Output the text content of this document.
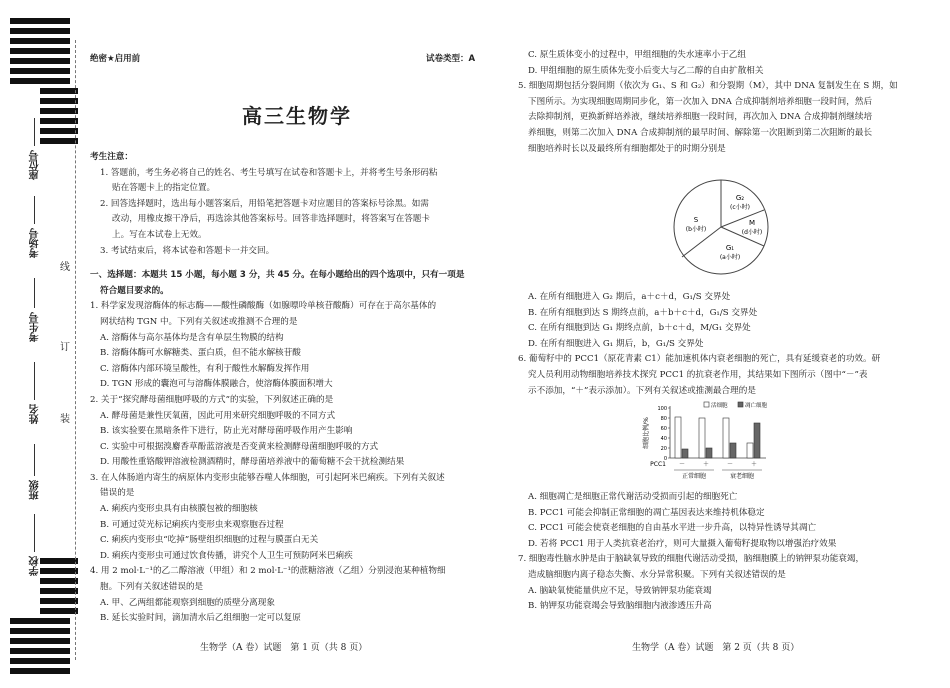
座位号
考场号
考生号
姓名
班级
学校
线
订
装
绝密★启用前	试卷类型：A
高三生物学

考生注意：

1. 答题前，考生务必将自己的姓名、考生号填写在试卷和答题卡上，并将考生号条形码粘

贴在答题卡上的指定位置。

2. 回答选择题时，选出每小题答案后，用铅笔把答题卡对应题目的答案标号涂黑。如需

改动，用橡皮擦干净后，再选涂其他答案标号。回答非选择题时，将答案写在答题卡

上。写在本试卷上无效。

3. 考试结束后，将本试卷和答题卡一并交回。

一、选择题：本题共 15 小题，每小题 3 分，共 45 分。在每小题给出的四个选项中，只有一项是

符合题目要求的。

1. 科学家发现溶酶体的标志酶——酸性磷酸酶（如腺嘌呤单核苷酸酶）可存在于高尔基体的

网状结构 TGN 中。下列有关叙述或推测不合理的是

A. 溶酶体与高尔基体均是含有单层生物膜的结构

B. 溶酶体酶可水解糖类、蛋白质，但不能水解核苷酸

C. 溶酶体内部环境呈酸性，有利于酸性水解酶发挥作用

D. TGN 形成的囊泡可与溶酶体膜融合，使溶酶体膜面积增大

2. 关于“探究酵母菌细胞呼吸的方式”的实验，下列叙述正确的是

A. 酵母菌是兼性厌氧菌，因此可用来研究细胞呼吸的不同方式

B. 该实验要在黑暗条件下进行，防止光对酵母菌呼吸作用产生影响

C. 实验中可根据溴麝香草酚蓝溶液是否变黄来检测酵母菌细胞呼吸的方式

D. 用酸性重铬酸钾溶液检测酒精时，酵母菌培养液中的葡萄糖不会干扰检测结果

3. 在人体肠道内寄生的病原体内变形虫能够吞噬人体细胞，可引起阿米巴痢疾。下列有关叙述

错误的是

A. 痢疾内变形虫具有由核膜包被的细胞核

B. 可通过荧光标记痢疾内变形虫来观察胞吞过程

C. 痢疾内变形虫“吃掉”肠壁组织细胞的过程与膜蛋白无关

D. 痢疾内变形虫可通过饮食传播，讲究个人卫生可预防阿米巴痢疾

4. 用 2 mol·L⁻¹的乙二醇溶液（甲组）和 2 mol·L⁻¹的蔗糖溶液（乙组）分别浸泡某种植物细

胞。下列有关叙述错误的是

A. 甲、乙两组都能观察到细胞的质壁分离现象

B. 延长实验时间，滴加清水后乙组细胞一定可以复原

C. 原生质体变小的过程中，甲组细胞的失水速率小于乙组

D. 甲组细胞的原生质体先变小后变大与乙二醇的自由扩散相关

5. 细胞周期包括分裂间期（依次为 G₁、S 和 G₂）和分裂期（M），其中 DNA 复制发生在 S 期，如

下图所示。为实现细胞周期同步化，第一次加入 DNA 合成抑制剂培养细胞一段时间，然后

去除抑制剂，更换新鲜培养液，继续培养细胞一段时间，再次加入 DNA 合成抑制剂继续培

养细胞，则第二次加入 DNA 合成抑制剂的最早时间、解除第一次阻断到第二次阻断的最长

细胞培养时长以及最终所有细胞都处于的时期分别是

G₂
(c小时)
S
(b小时)
M
(d小时)
G₁
(a小时)

A. 在所有细胞进入 G₂ 期后，a＋c＋d，G₁/S 交界处

B. 在所有细胞到达 S 期终点前，a＋b＋c＋d，G₁/S 交界处

C. 在所有细胞到达 G₁ 期终点前，b＋c＋d，M/G₁ 交界处

D. 在所有细胞进入 G₁ 期后，b，G₁/S 交界处

6. 葡萄籽中的 PCC1（原花青素 C1）能加速机体内衰老细胞的死亡，具有延缓衰老的功效。研

究人员利用动物细胞培养技术探究 PCC1 的抗衰老作用，其结果如下图所示（图中“－”表

示不添加，“＋”表示添加）。下列有关叙述或推测最合理的是

0
20
40
60
80
100
细胞比例/%
－	＋	－	＋
PCC1
正常细胞	衰老细胞
活细胞	凋亡细胞

A. 细胞凋亡是细胞正常代谢活动受损而引起的细胞死亡

B. PCC1 可能会抑制正常细胞的凋亡基因表达来维持机体稳定

C. PCC1 可能会使衰老细胞的自由基水平进一步升高，以特异性诱导其凋亡

D. 若将 PCC1 用于人类抗衰老治疗，则可大量摄入葡萄籽提取物以增强治疗效果

7. 细胞毒性脑水肿是由于脑缺氧导致的细胞代谢活动受损，脑细胞膜上的钠钾泵功能衰竭，

造成脑细胞内离子稳态失衡、水分异常积聚。下列有关叙述错误的是

A. 脑缺氧使能量供应不足，导致钠钾泵功能衰竭

B. 钠钾泵功能衰竭会导致脑细胞内液渗透压升高

生物学（A 卷）试题　第 1 页（共 8 页）	生物学（A 卷）试题　第 2 页（共 8 页）
